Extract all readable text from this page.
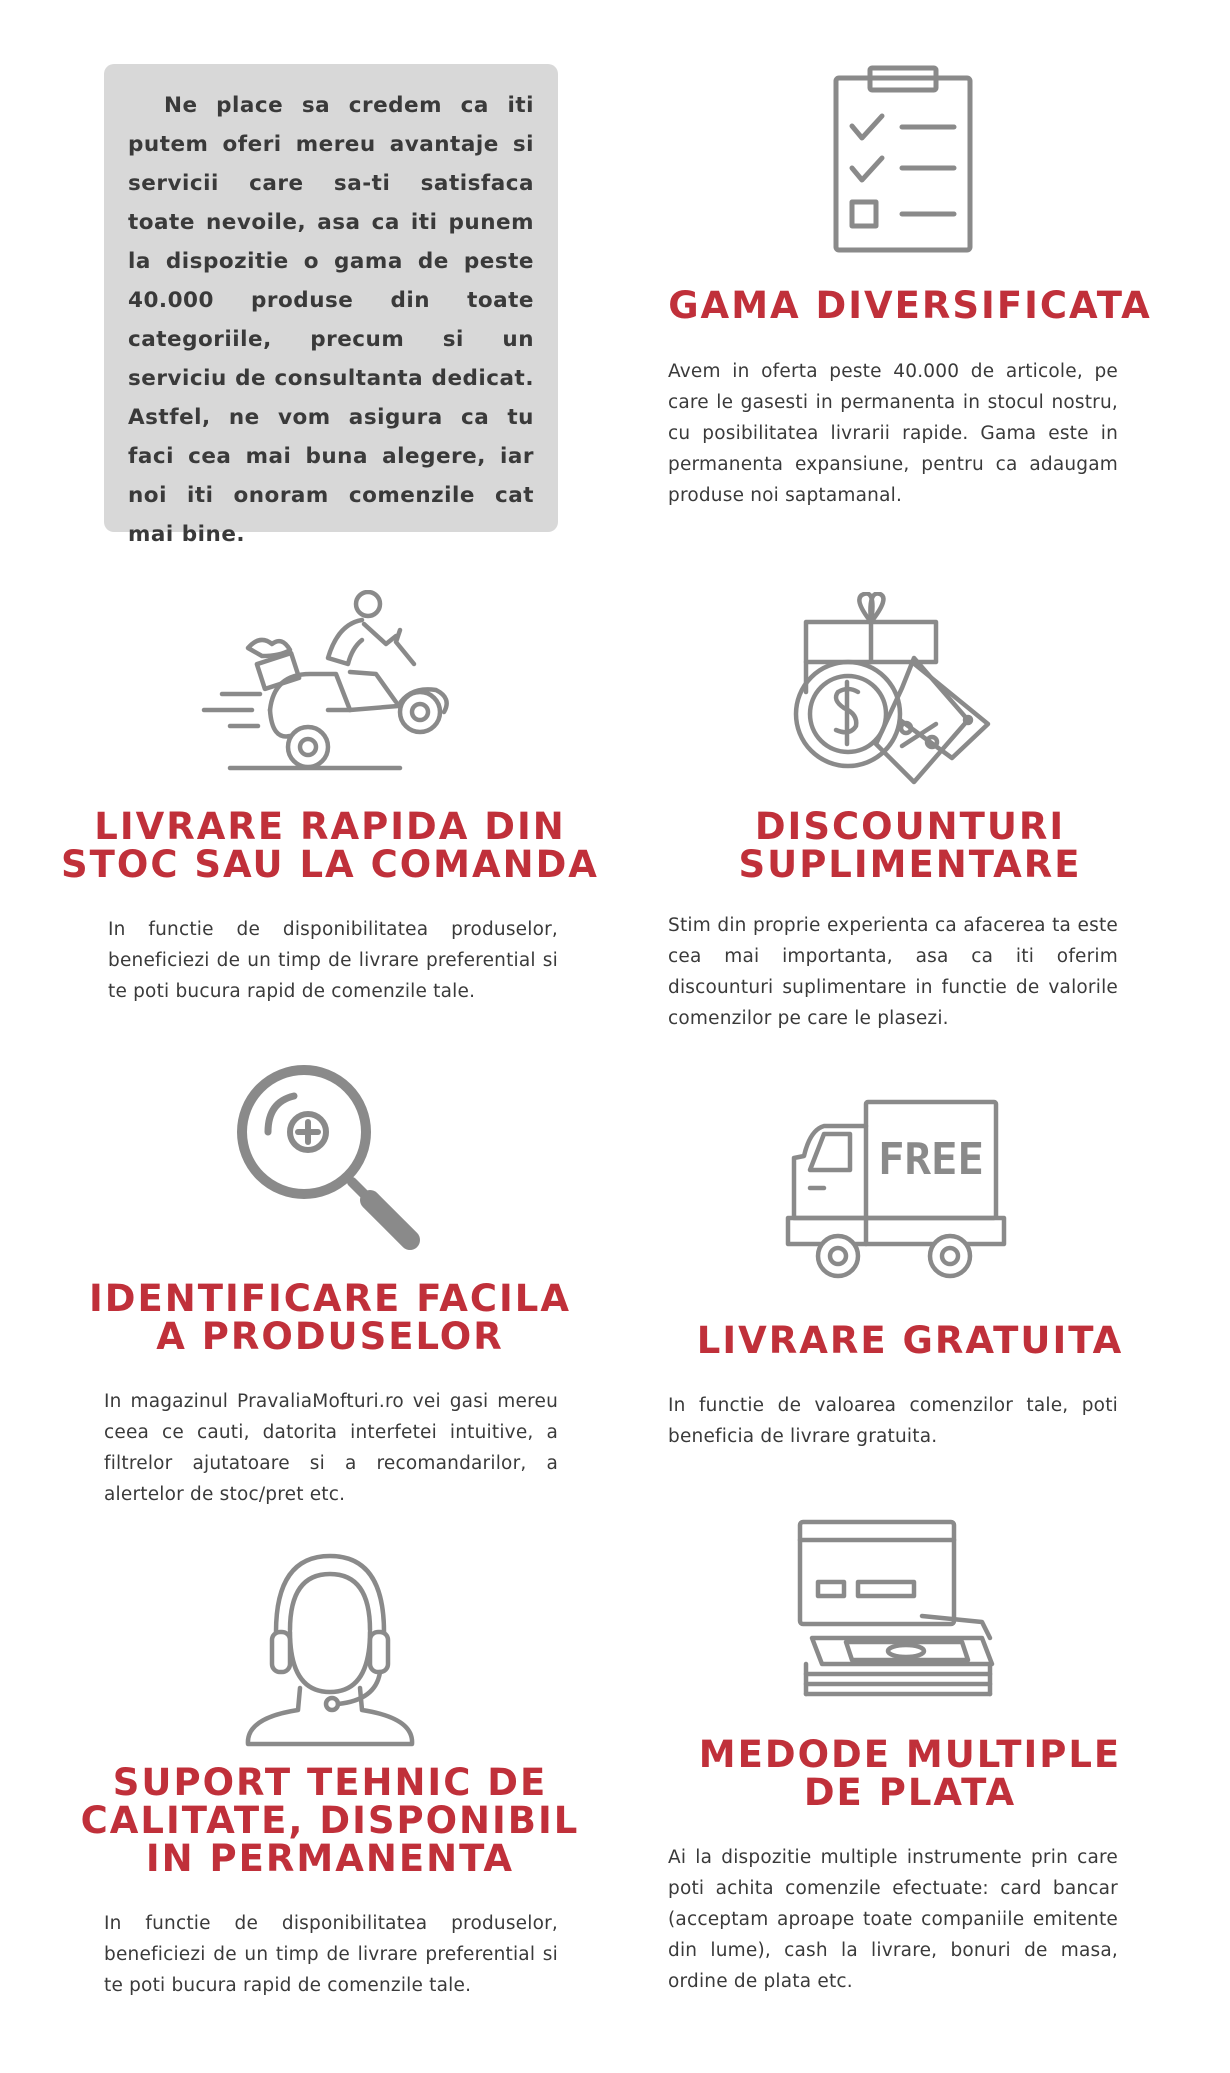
Ne place sa credem ca iti putem oferi mereu avantaje si servicii care sa-ti satisfaca toate nevoile, asa ca iti punem la dispozitie o gama de peste 40.000 produse din toate categoriile, precum si un serviciu de consultanta dedicat. Astfel, ne vom asigura ca tu faci cea mai buna alegere, iar noi iti onoram comenzile cat mai bine.

GAMA DIVERSIFICATA

Avem in oferta peste 40.000 de articole, pe care le gasesti in permanenta in stocul nostru, cu posibilitatea livrarii rapide. Gama este in permanenta expansiune, pentru ca adaugam produse noi saptamanal.

LIVRARE RAPIDA DIN
STOC SAU LA COMANDA

In functie de disponibilitatea produselor, beneficiezi de un timp de livrare preferential si te poti bucura rapid de comenzile tale.

DISCOUNTURI
SUPLIMENTARE

Stim din proprie experienta ca afacerea ta este cea mai importanta, asa ca iti oferim discounturi suplimentare in functie de valorile comenzilor pe care le plasezi.

IDENTIFICARE FACILA
A PRODUSELOR

In magazinul PravaliaMofturi.ro vei gasi mereu ceea ce cauti, datorita interfetei intuitive, a filtrelor ajutatoare si a recomandarilor, a alertelor de stoc/pret etc.

FREE
LIVRARE GRATUITA

In functie de valoarea comenzilor tale, poti beneficia de livrare gratuita.

SUPORT TEHNIC DE
CALITATE, DISPONIBIL
IN PERMANENTA

In functie de disponibilitatea produselor, beneficiezi de un timp de livrare preferential si te poti bucura rapid de comenzile tale.

MEDODE MULTIPLE
DE PLATA

Ai la dispozitie multiple instrumente prin care poti achita comenzile efectuate: card bancar (acceptam aproape toate companiile emitente din lume), cash la livrare, bonuri de masa, ordine de plata etc.
